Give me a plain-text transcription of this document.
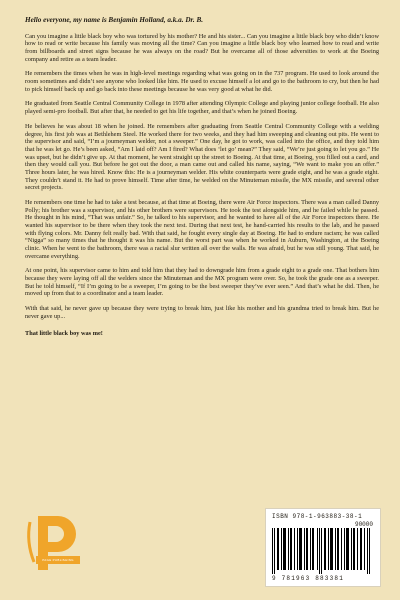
Hello everyone, my name is Benjamin Holland, a.k.a. Dr. B.

Can you imagine a little black boy who was tortured by his mother? He and his sister... Can you imagine a little black boy who didn’t know how to read or write because his family was moving all the time? Can you imagine a little black boy who learned how to read and write from billboards and street signs because he was always on the road? But he overcame all of those adversities to work at the Boeing company and retire as a team leader.

He remembers the times when he was in high-level meetings regarding what was going on in the 737 program. He used to look around the room sometimes and didn’t see anyone who looked like him. He used to excuse himself a lot and go to the bathroom to cry, but then he had to pick himself back up and go back into these meetings because he was very good at what he did.

He graduated from Seattle Central Community College in 1978 after attending Olympic College and playing junior college football. He also played semi-pro football. But after that, he needed to get his life together, and that’s when he joined Boeing.

He believes he was about 18 when he joined. He remembers after graduating from Seattle Central Community College with a welding degree, his first job was at Bethlehem Steel. He worked there for two weeks, and they had him sweeping and cleaning out pits. He went to the supervisor and said, “I’m a journeyman welder, not a sweeper.” One day, he got to work, was called into the office, and they told him that he was let go. He’s been asked, “Am I laid off? Am I fired? What does ‘let go’ mean?” They said, “We’re just going to let you go.” He was upset, but he didn’t give up. At that moment, he went straight up the street to Boeing. At that time, at Boeing, you filled out a card, and then they would call you. But before he got out the door, a man came out and called his name, saying, “We want to make you an offer.” Three hours later, he was hired. Know this: He is a journeyman welder. His white counterparts were grade eight, and he was a grade eight. They couldn’t stand it. He had to prove himself. Time after time, he welded on the Minuteman missile, the MX missile, and several other secret projects.

He remembers one time he had to take a test because, at that time at Boeing, there were Air Force inspectors. There was a man called Danny Polly; his brother was a supervisor, and his other brothers were supervisors. He took the test alongside him, and he failed while he passed. He thought in his mind, “That was unfair.” So, he talked to his supervisor, and he wanted to have all of the Air Force inspectors there. He wanted his supervisor to be there when they took the next test. During that next test, he hand-carried his results to the lab, and he passed with flying colors. Mr. Danny felt really bad. With that said, he fought every single day at Boeing. He had to endure racism; he was called “Nigga” so many times that he thought it was his name. But the worst part was when he worked in Auburn, Washington, at the Boeing clinic. When he went to the bathroom, there was a racial slur written all over the walls. He was afraid, but he was still young. That said, he overcame everything.

At one point, his supervisor came to him and told him that they had to downgrade him from a grade eight to a grade one. That bothers him because they were laying off all the welders since the Minuteman and the MX program were over. So, he took the grade one as a sweeper. But he told himself, “If I’m going to be a sweeper, I’m going to be the best sweeper they’ve ever seen.” And that’s what he did. Then, he moved up from that to a coordinator and a team leader.

With that said, he never gave up because they were trying to break him, just like his mother and his grandma tried to break him. But he never gave up...

That little black boy was me!

PAGE PUBLISHING
ISBN 978-1-963883-38-1
90000
9 781963 883381
